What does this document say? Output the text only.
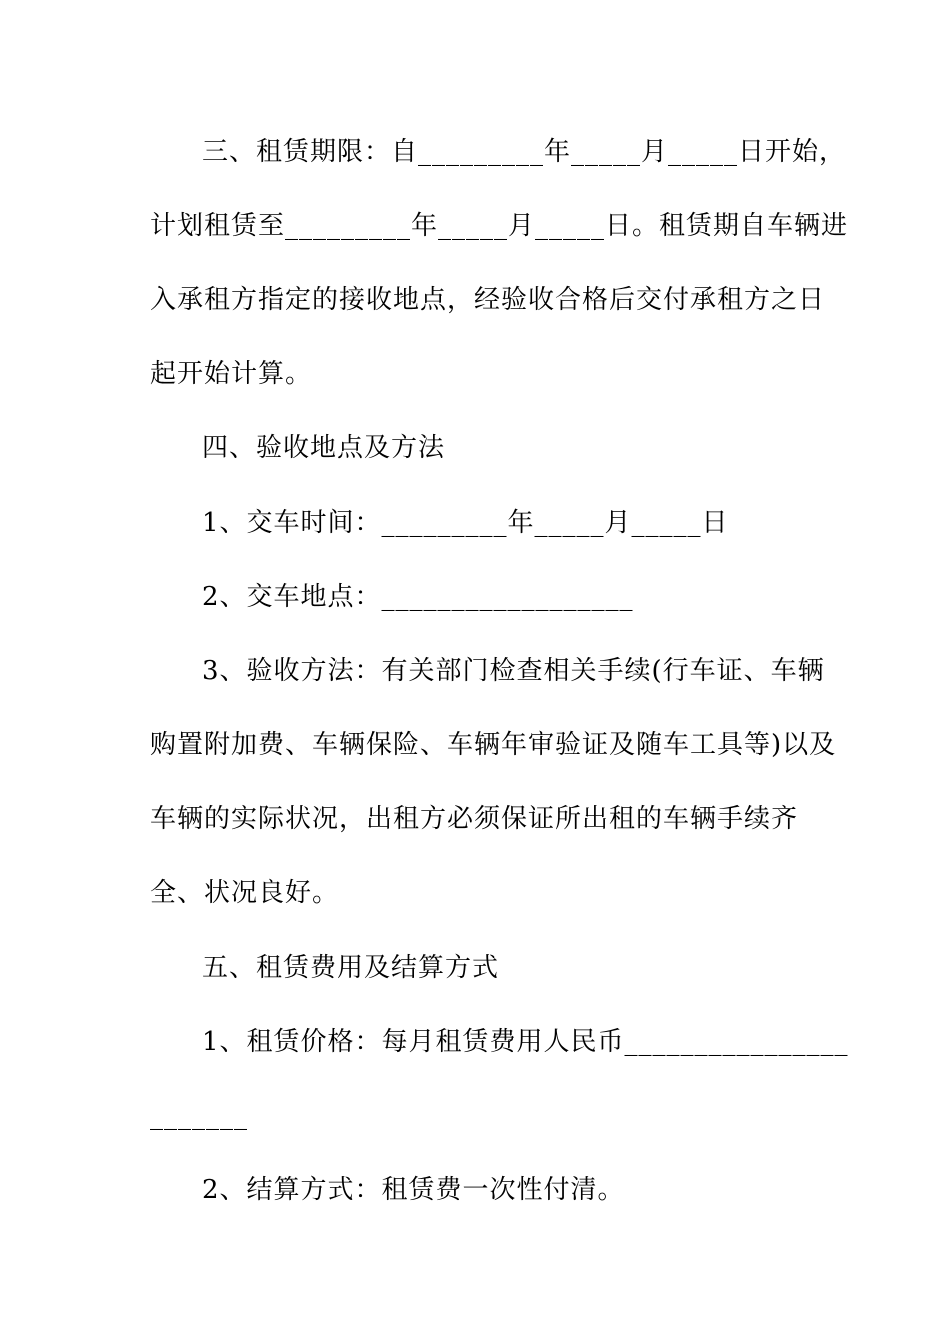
三、租赁期限：自_________年_____月_____日开始，
计划租赁至_________年_____月_____日。租赁期自车辆进
入承租方指定的接收地点，经验收合格后交付承租方之日
起开始计算。
四、验收地点及方法
1、交车时间：_________年_____月_____日
2、交车地点：__________________
3、验收方法：有关部门检查相关手续(行车证、车辆
购置附加费、车辆保险、车辆年审验证及随车工具等)以及
车辆的实际状况，出租方必须保证所出租的车辆手续齐
全、状况良好。
五、租赁费用及结算方式
1、租赁价格：每月租赁费用人民币________________
_______
2、结算方式：租赁费一次性付清。
